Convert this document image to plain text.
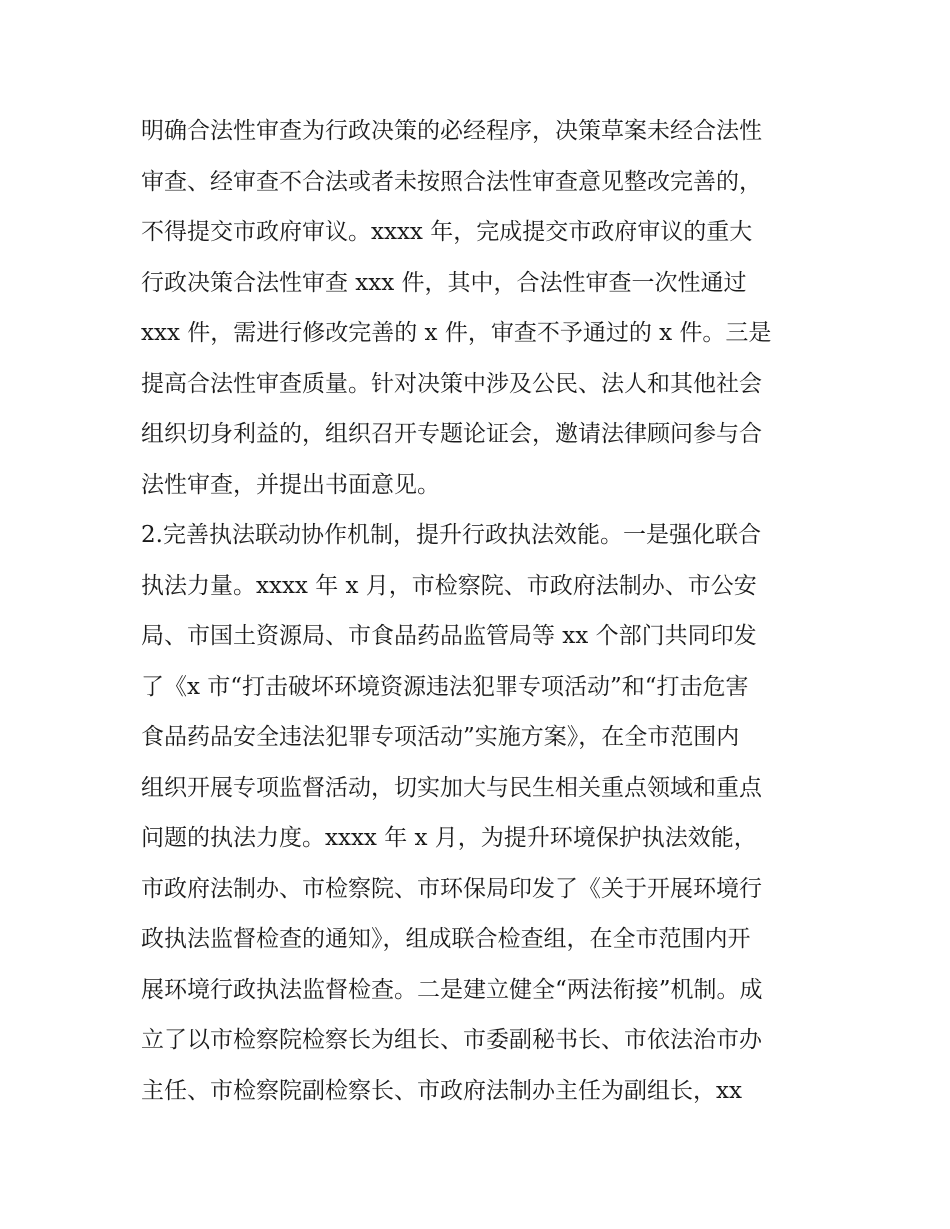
明确合法性审查为行政决策的必经程序，决策草案未经合法性
审查、经审查不合法或者未按照合法性审查意见整改完善的，
不得提交市政府审议。xxxx 年，完成提交市政府审议的重大
行政决策合法性审查 xxx 件，其中，合法性审查一次性通过
xxx 件，需进行修改完善的 x 件，审查不予通过的 x 件。三是
提高合法性审查质量。针对决策中涉及公民、法人和其他社会
组织切身利益的，组织召开专题论证会，邀请法律顾问参与合
法性审查，并提出书面意见。
2.完善执法联动协作机制，提升行政执法效能。一是强化联合
执法力量。xxxx 年 x 月，市检察院、市政府法制办、市公安
局、市国土资源局、市食品药品监管局等 xx 个部门共同印发
了《x 市“打击破坏环境资源违法犯罪专项活动”和“打击危害
食品药品安全违法犯罪专项活动”实施方案》，在全市范围内
组织开展专项监督活动，切实加大与民生相关重点领域和重点
问题的执法力度。xxxx 年 x 月，为提升环境保护执法效能，
市政府法制办、市检察院、市环保局印发了《关于开展环境行
政执法监督检查的通知》，组成联合检查组，在全市范围内开
展环境行政执法监督检查。二是建立健全“两法衔接”机制。成
立了以市检察院检察长为组长、市委副秘书长、市依法治市办
主任、市检察院副检察长、市政府法制办主任为副组长，xx
